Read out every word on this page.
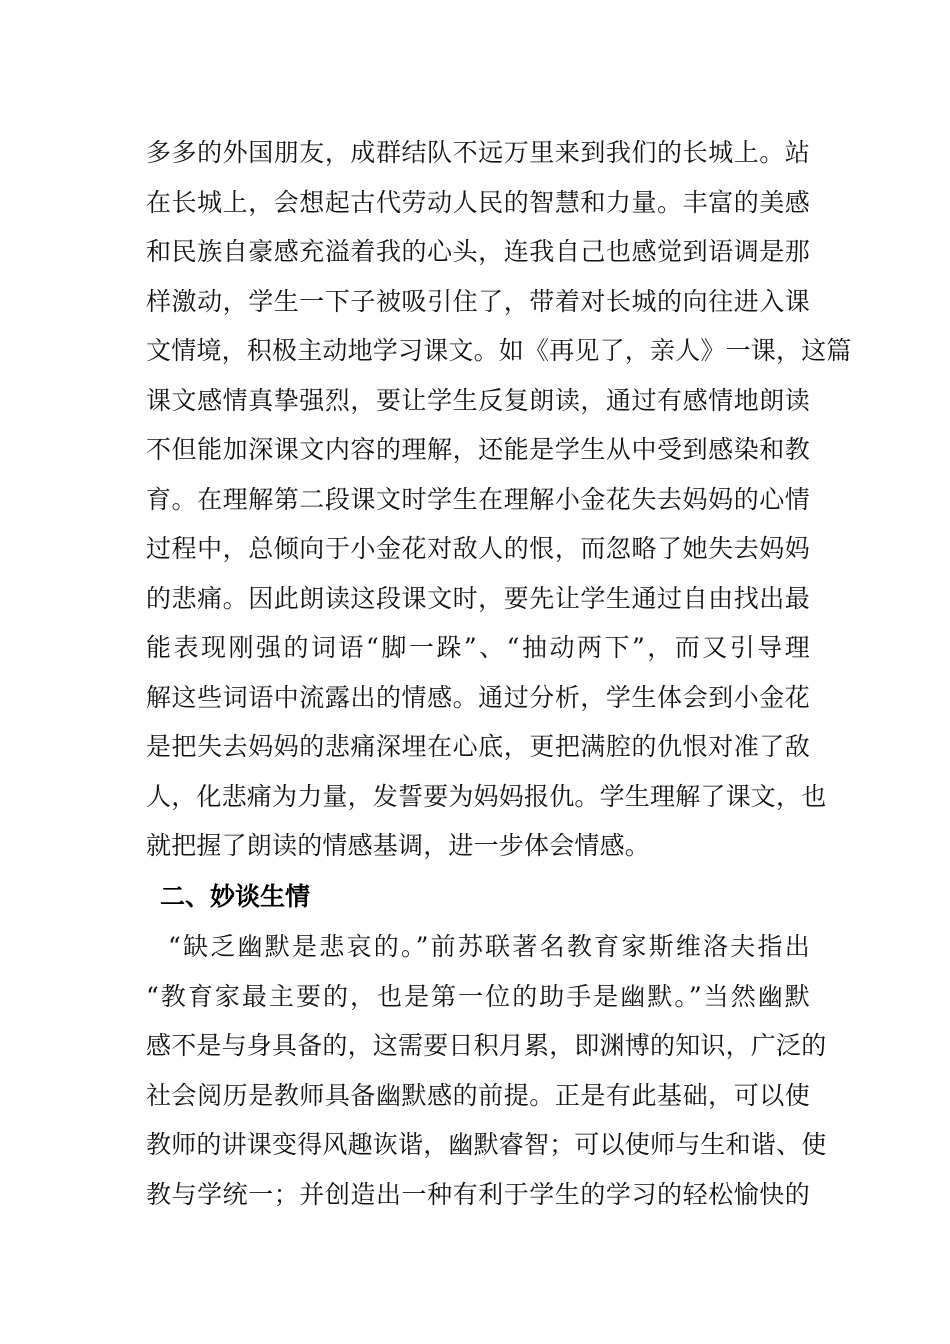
多多的外国朋友，成群结队不远万里来到我们的长城上。站
在长城上，会想起古代劳动人民的智慧和力量。丰富的美感
和民族自豪感充溢着我的心头，连我自己也感觉到语调是那
样激动，学生一下子被吸引住了，带着对长城的向往进入课
文情境，积极主动地学习课文。如《再见了，亲人》一课，这篇
课文感情真挚强烈，要让学生反复朗读，通过有感情地朗读
不但能加深课文内容的理解，还能是学生从中受到感染和教
育。在理解第二段课文时学生在理解小金花失去妈妈的心情
过程中，总倾向于小金花对敌人的恨，而忽略了她失去妈妈
的悲痛。因此朗读这段课文时，要先让学生通过自由找出最
能表现刚强的词语“脚一跺”、“抽动两下”，而又引导理
解这些词语中流露出的情感。通过分析，学生体会到小金花
是把失去妈妈的悲痛深埋在心底，更把满腔的仇恨对准了敌
人，化悲痛为力量，发誓要为妈妈报仇。学生理解了课文，也
就把握了朗读的情感基调，进一步体会情感。
二、妙谈生情
“缺乏幽默是悲哀的。”前苏联著名教育家斯维洛夫指出
“教育家最主要的，也是第一位的助手是幽默。”当然幽默
感不是与身具备的，这需要日积月累，即渊博的知识，广泛的
社会阅历是教师具备幽默感的前提。正是有此基础，可以使
教师的讲课变得风趣诙谐，幽默睿智；可以使师与生和谐、使
教与学统一；并创造出一种有利于学生的学习的轻松愉快的
